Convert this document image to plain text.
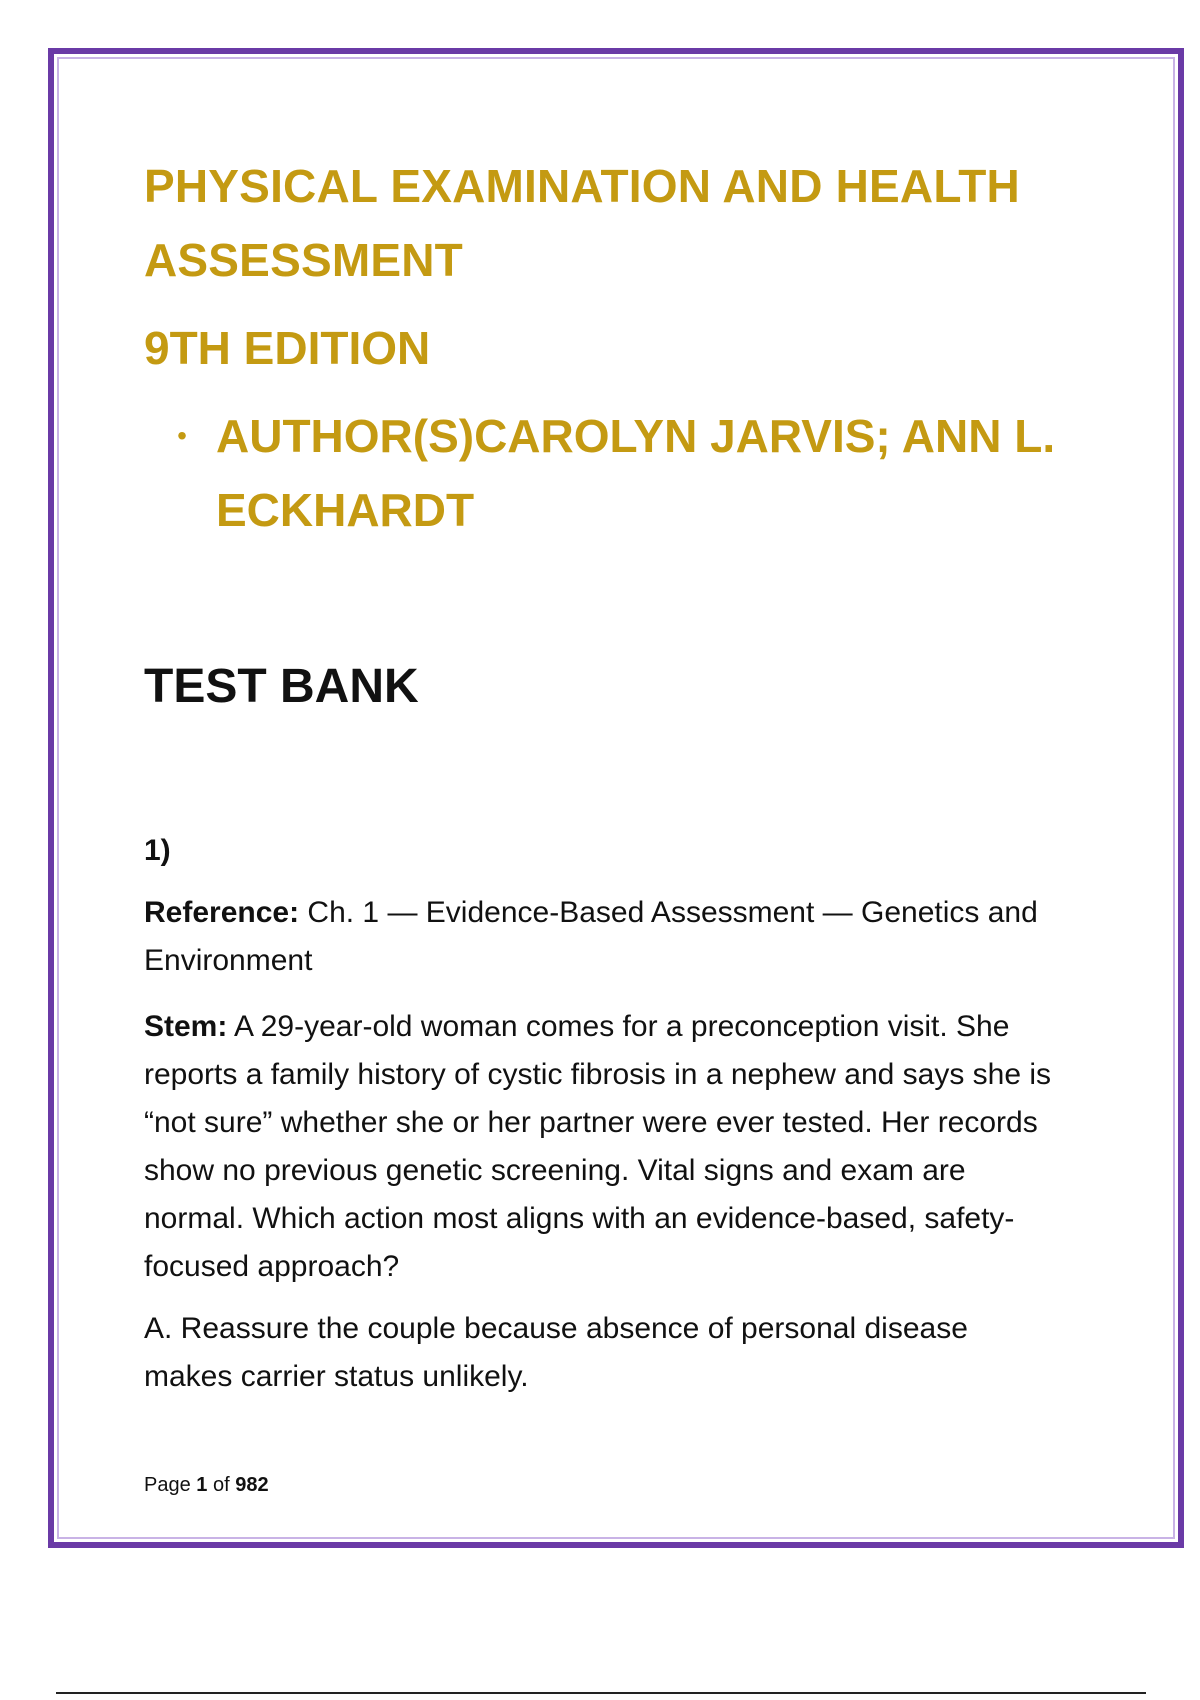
PHYSICAL EXAMINATION AND HEALTH

ASSESSMENT

9TH EDITION

• AUTHOR(S)CAROLYN JARVIS; ANN L. ECKHARDT
TEST BANK
1)

Reference: Ch. 1 — Evidence-Based Assessment — Genetics and Environment

Stem: A 29-year-old woman comes for a preconception visit. She reports a family history of cystic fibrosis in a nephew and says she is “not sure” whether she or her partner were ever tested. Her records show no previous genetic screening. Vital signs and exam are normal. Which action most aligns with an evidence-based, safety-focused approach?

A. Reassure the couple because absence of personal disease makes carrier status unlikely.

Page 1 of 982
